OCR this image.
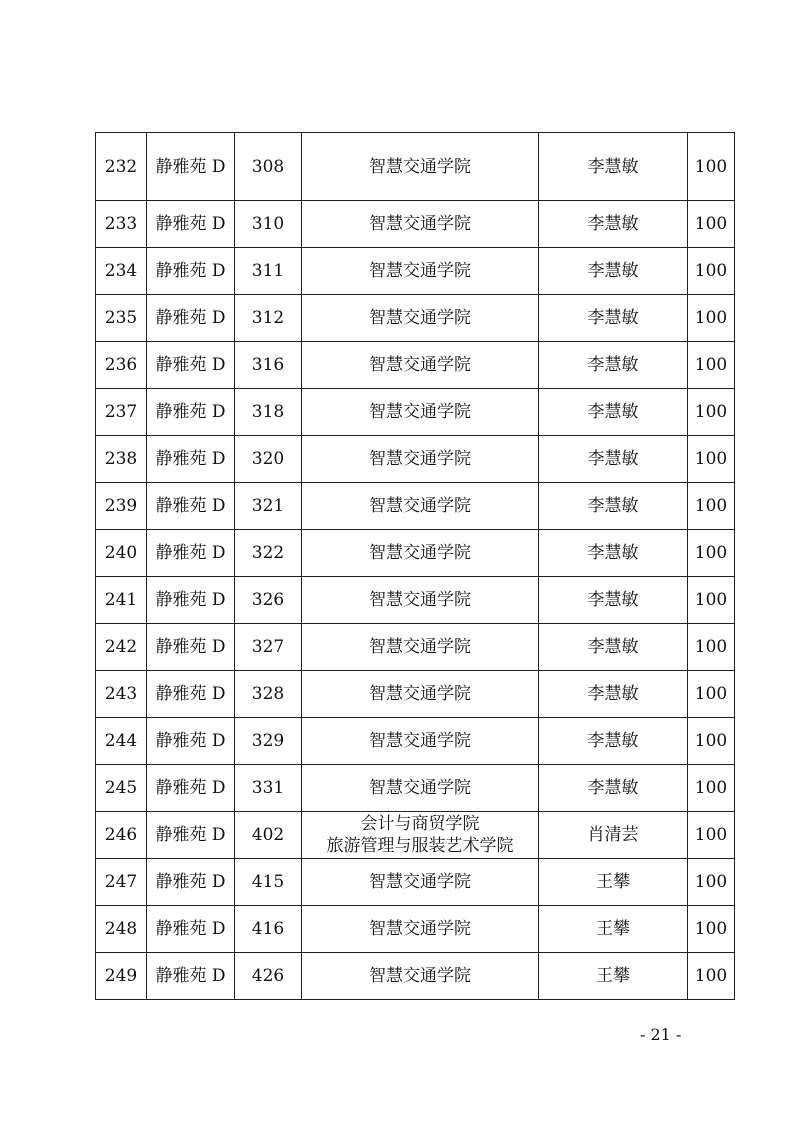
232	静雅苑 D	308	智慧交通学院	李慧敏	100
233	静雅苑 D	310	智慧交通学院	李慧敏	100
234	静雅苑 D	311	智慧交通学院	李慧敏	100
235	静雅苑 D	312	智慧交通学院	李慧敏	100
236	静雅苑 D	316	智慧交通学院	李慧敏	100
237	静雅苑 D	318	智慧交通学院	李慧敏	100
238	静雅苑 D	320	智慧交通学院	李慧敏	100
239	静雅苑 D	321	智慧交通学院	李慧敏	100
240	静雅苑 D	322	智慧交通学院	李慧敏	100
241	静雅苑 D	326	智慧交通学院	李慧敏	100
242	静雅苑 D	327	智慧交通学院	李慧敏	100
243	静雅苑 D	328	智慧交通学院	李慧敏	100
244	静雅苑 D	329	智慧交通学院	李慧敏	100
245	静雅苑 D	331	智慧交通学院	李慧敏	100
246	静雅苑 D	402	会计与商贸学院
旅游管理与服装艺术学院	肖清芸	100
247	静雅苑 D	415	智慧交通学院	王攀	100
248	静雅苑 D	416	智慧交通学院	王攀	100
249	静雅苑 D	426	智慧交通学院	王攀	100
- 21 -
